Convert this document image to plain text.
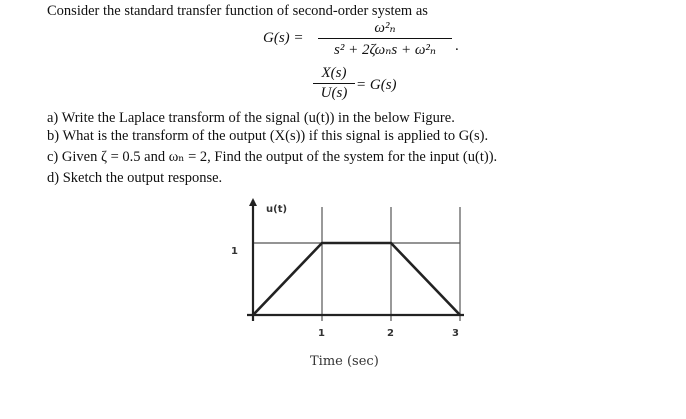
Consider the standard transfer function of second-order system as
G(s) =
ω²ₙ
s² + 2ζωₙs + ω²ₙ	.
X(s)
U(s) = G(s)
a) Write the Laplace transform of the signal (u(t)) in the below Figure.
b) What is the transform of the output (X(s)) if this signal is applied to G(s).
c) Given ζ = 0.5 and ωₙ = 2, Find the output of the system for the input (u(t)).
d) Sketch the output response.
u(t)
1
1	2	3
Time (sec)
